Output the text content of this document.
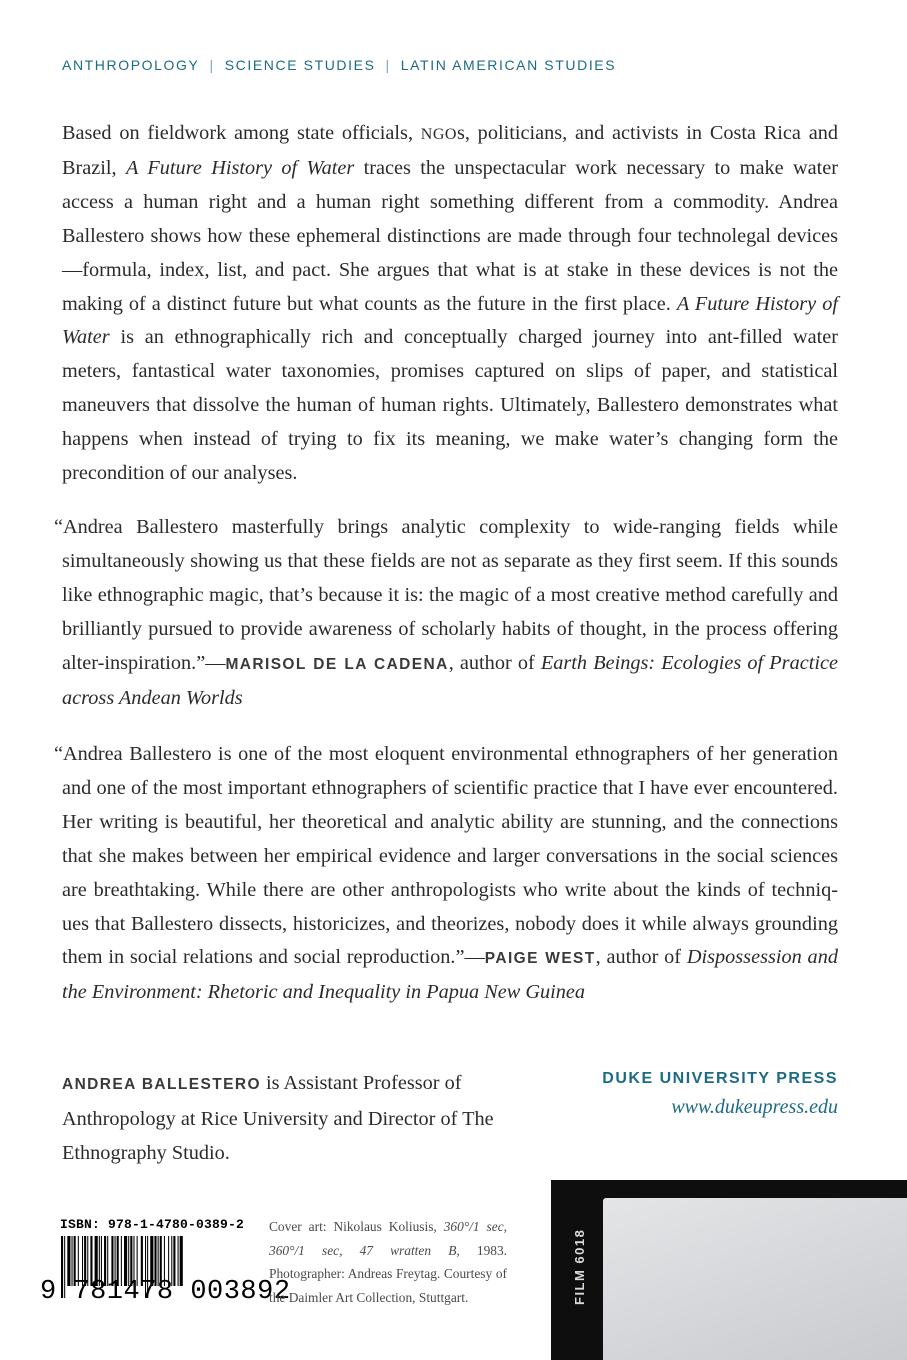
ANTHROPOLOGY | SCIENCE STUDIES | LATIN AMERICAN STUDIES

Based on fieldwork among state officials, NGOs, politicians, and activists in Costa Rica and Brazil, A Future History of Water traces the unspectacular work necessary to make water access a human right and a human right something different from a commodity. Andrea Ballestero shows how these ephemeral distinctions are made through four technolegal devices—formula, index, list, and pact. She argues that what is at stake in these devices is not the making of a distinct future but what counts as the future in the first place. A Future History of Water is an ethnographically rich and conceptually charged journey into ant-filled water meters, fantastical water taxonomies, promises captured on slips of paper, and statistical maneuvers that dissolve the human of human rights. Ultimately, Ballestero demonstrates what happens when instead of trying to fix its meaning, we make water’s changing form the precondition of our analyses.

“Andrea Ballestero masterfully brings analytic complexity to wide-ranging fields while simultaneously showing us that these fields are not as separate as they first seem. If this sounds like ethnographic magic, that’s because it is: the magic of a most creative method carefully and brilliantly pursued to provide awareness of scholarly habits of thought, in the process offering alter-inspiration.”—MARISOL DE LA CADENA, author of Earth Beings: Ecologies of Practice across Andean Worlds

“Andrea Ballestero is one of the most eloquent environmental ethnographers of her generation and one of the most important ethnographers of scientific practice that I have ever encountered. Her writing is beautiful, her theoretical and analytic ability are stunning, and the connections that she makes between her empirical evidence and larger conversations in the social sciences are breathtaking. While there are other anthropologists who write about the kinds of techniq-ues that Ballestero dissects, historicizes, and theorizes, nobody does it while always grounding them in social relations and social reproduction.”—PAIGE WEST, author of Dispossession and the Environment: Rhetoric and Inequality in Papua New Guinea

ANDREA BALLESTERO is Assistant Professor of Anthropology at Rice University and Director of The Ethnography Studio.

DUKE UNIVERSITY PRESS
www.dukeupress.edu
ISBN: 978-1-4780-0389-2
9 781478 003892

Cover art: Nikolaus Koliusis, 360°/1 sec, 360°/1 sec, 47 wratten B, 1983. Photographer: Andreas Freytag. Courtesy of the Daimler Art Collection, Stuttgart.	FILM 6018
